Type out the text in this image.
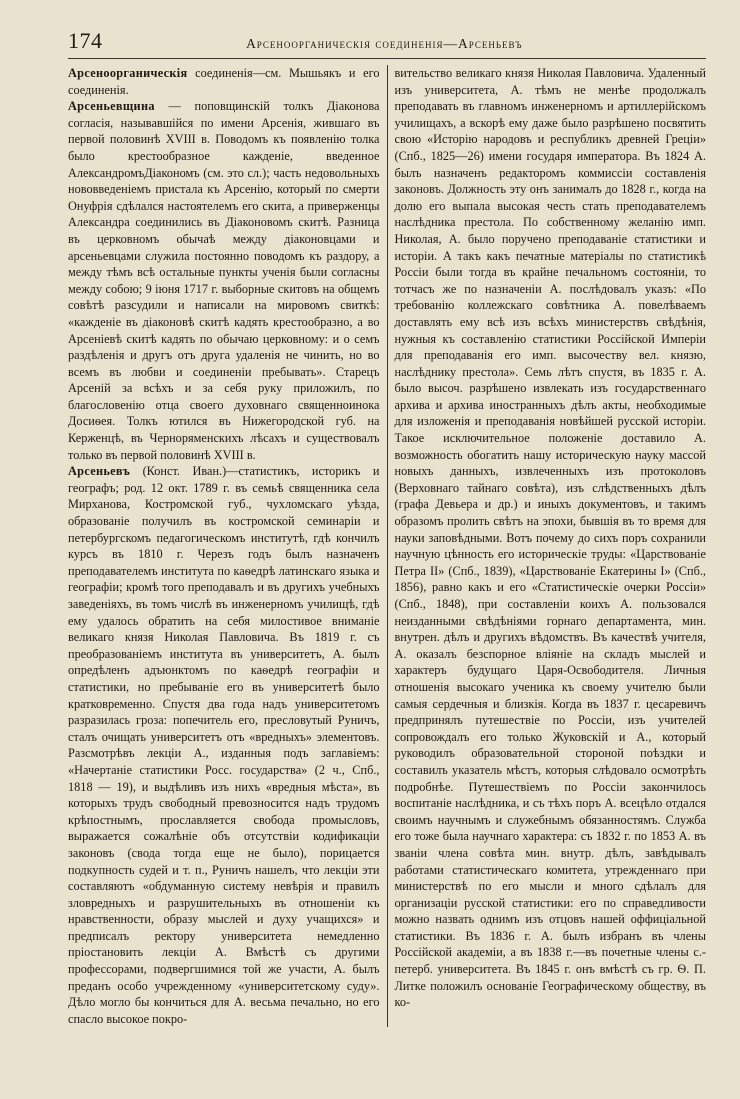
174	Арсеноорганическія соединенія—Арсеньевъ

Арсеноорганическія соединенія—см. Мышьякъ и его соединенія.

Арсеньевщина — поповщинскій толкъ Діаконова согласія, называвшійся по имени Арсенія, жившаго въ первой половинѣ XVIII в. Поводомъ къ появленію толка было крестообразное кажденіе, введенное АлександромъДіакономъ (см. это сл.); часть недовольныхъ нововведеніемъ пристала къ Арсенію, который по смерти Онуфрія сдѣлался настоятелемъ его скита, а приверженцы Александра соединились въ Діаконовомъ скитѣ. Разница въ церковномъ обычаѣ между діаконовцами и арсеньевцами служила постоянно поводомъ къ раздору, а между тѣмъ всѣ остальные пункты ученія были согласны между собою; 9 іюня 1717 г. выборные скитовъ на общемъ совѣтѣ разсудили и написали на мировомъ свиткѣ: «кажденіе въ діаконовѣ скитѣ кадять крестообразно, а во Арсеніевѣ скитѣ кадять по обычаю церковному: и о семъ раздѣленія и другъ отъ друга удаленія не чинить, но во всемъ въ любви и соединеніи пребывать». Старецъ Арсеній за всѣхъ и за себя руку приложилъ, по благословенію отца своего духовнаго священноинока Досиѳея. Толкъ ютился въ Нижегородской губ. на Керженцѣ, въ Черноряменскихъ лѣсахъ и существовалъ только въ первой половинѣ XVIII в.

Арсеньевъ (Конст. Иван.)—статистикъ, историкъ и географъ; род. 12 окт. 1789 г. въ семьѣ священника села Мирханова, Костромской губ., чухломскаго уѣзда, образованіе получилъ въ костромской семинаріи и петербургскомъ педагогическомъ институтѣ, гдѣ кончилъ курсъ въ 1810 г. Черезъ годъ былъ назначенъ преподавателемъ института по каѳедрѣ латинскаго языка и географіи; кромѣ того преподавалъ и въ другихъ учебныхъ заведеніяхъ, въ томъ числѣ въ инженерномъ училищѣ, гдѣ ему удалось обратить на себя милостивое вниманіе великаго князя Николая Павловича. Въ 1819 г. съ преобразованіемъ института въ университетъ, А. былъ опредѣленъ адъюнктомъ по каѳедрѣ географіи и статистики, но пребываніе его въ университетѣ было кратковременно. Спустя два года надъ университетомъ разразилась гроза: попечитель его, пресловутый Руничъ, сталъ очищать университетъ отъ «вредныхъ» элементовъ. Разсмотрѣвъ лекціи А., изданныя подъ заглавіемъ: «Начертаніе статистики Росс. государства» (2 ч., Спб., 1818 — 19), и выдѣливъ изъ нихъ «вредныя мѣста», въ которыхъ трудъ свободный превозносится надъ трудомъ крѣпостнымъ, прославляется свобода промысловъ, выражается сожалѣніе объ отсутствіи кодификаціи законовъ (свода тогда еще не было), порицается подкупность судей и т. п., Руничъ нашелъ, что лекціи эти составляютъ «обдуманную систему невѣрія и правилъ зловредныхъ и разрушительныхъ въ отношеніи къ нравственности, образу мыслей и духу учащихся» и предписалъ ректору университета немедленно пріостановить лекціи А. Вмѣстѣ съ другими профессорами, подвергшимися той же участи, А. былъ преданъ особо учрежденному «университетскому суду». Дѣло могло бы кончиться для А. весьма печально, но его спасло высокое покро-

вительство великаго князя Николая Павловича. Удаленный изъ университета, А. тѣмъ не менѣе продолжалъ преподавать въ главномъ инженерномъ и артиллерійскомъ училищахъ, а вскорѣ ему даже было разрѣшено посвятить свою «Исторію народовъ и республикъ древней Греціи» (Спб., 1825—26) имени государя императора. Въ 1824 А. былъ назначенъ редакторомъ коммиссіи составленія законовъ. Должность эту онъ занималъ до 1828 г., когда на долю его выпала высокая честь стать преподавателемъ наслѣдника престола. По собственному желанію имп. Николая, А. было поручено преподаваніе статистики и исторіи. А такъ какъ печатные матеріалы по статистикѣ Россіи были тогда въ крайне печальномъ состояніи, то тотчасъ же по назначеніи А. послѣдовалъ указъ: «По требованію коллежскаго совѣтника А. повелѣваемъ доставлять ему всѣ изъ всѣхъ министерствъ свѣдѣнія, нужныя къ составленію статистики Россійской Имперіи для преподаванія его имп. высочеству вел. князю, наслѣднику престола». Семь лѣтъ спустя, въ 1835 г. А. было высоч. разрѣшено извлекать изъ государственнаго архива и архива иностранныхъ дѣлъ акты, необходимые для изложенія и преподаванія новѣйшей русской исторіи. Такое исключительное положеніе доставило А. возможность обогатить нашу историческую науку массой новыхъ данныхъ, извлеченныхъ изъ протоколовъ (Верховнаго тайнаго совѣта), изъ слѣдственныхъ дѣлъ (графа Девьера и др.) и иныхъ документовъ, и такимъ образомъ пролить свѣтъ на эпохи, бывшія въ то время для науки заповѣдными. Вотъ почему до сихъ поръ сохранили научную цѣнность его историческіе труды: «Царствованіе Петра II» (Спб., 1839), «Царствованіе Екатерины I» (Спб., 1856), равно какъ и его «Статистическіе очерки Россіи» (Спб., 1848), при составленіи коихъ А. пользовался неизданными свѣдѣніями горнаго департамента, мин. внутрен. дѣлъ и другихъ вѣдомствъ. Въ качествѣ учителя, А. оказалъ безспорное вліяніе на складъ мыслей и характеръ будущаго Царя-Освободителя. Личныя отношенія высокаго ученика къ своему учителю были самыя сердечныя и близкія. Когда въ 1837 г. цесаревичъ предпринялъ путешествіе по Россіи, изъ учителей сопровождалъ его только Жуковскій и А., который руководилъ образовательной стороной поѣздки и составилъ указатель мѣстъ, которыя слѣдовало осмотрѣть подробнѣе. Путешествіемъ по Россіи закончилось воспитаніе наслѣдника, и съ тѣхъ поръ А. всецѣло отдался своимъ научнымъ и служебнымъ обязанностямъ. Служба его тоже была научнаго характера: съ 1832 г. по 1853 А. въ званіи члена совѣта мин. внутр. дѣлъ, завѣдывалъ работами статистическаго комитета, утрежденнаго при министерствѣ по его мысли и много сдѣлалъ для организаціи русской статистики: его по справедливости можно назвать однимъ изъ отцовъ нашей оффиціальной статистики. Въ 1836 г. А. былъ избранъ въ члены Россійской академіи, а въ 1838 г.—въ почетные члены с.-петерб. университета. Въ 1845 г. онъ вмѣстѣ съ гр. Ѳ. П. Литке положилъ основаніе Географическому обществу, въ ко-
